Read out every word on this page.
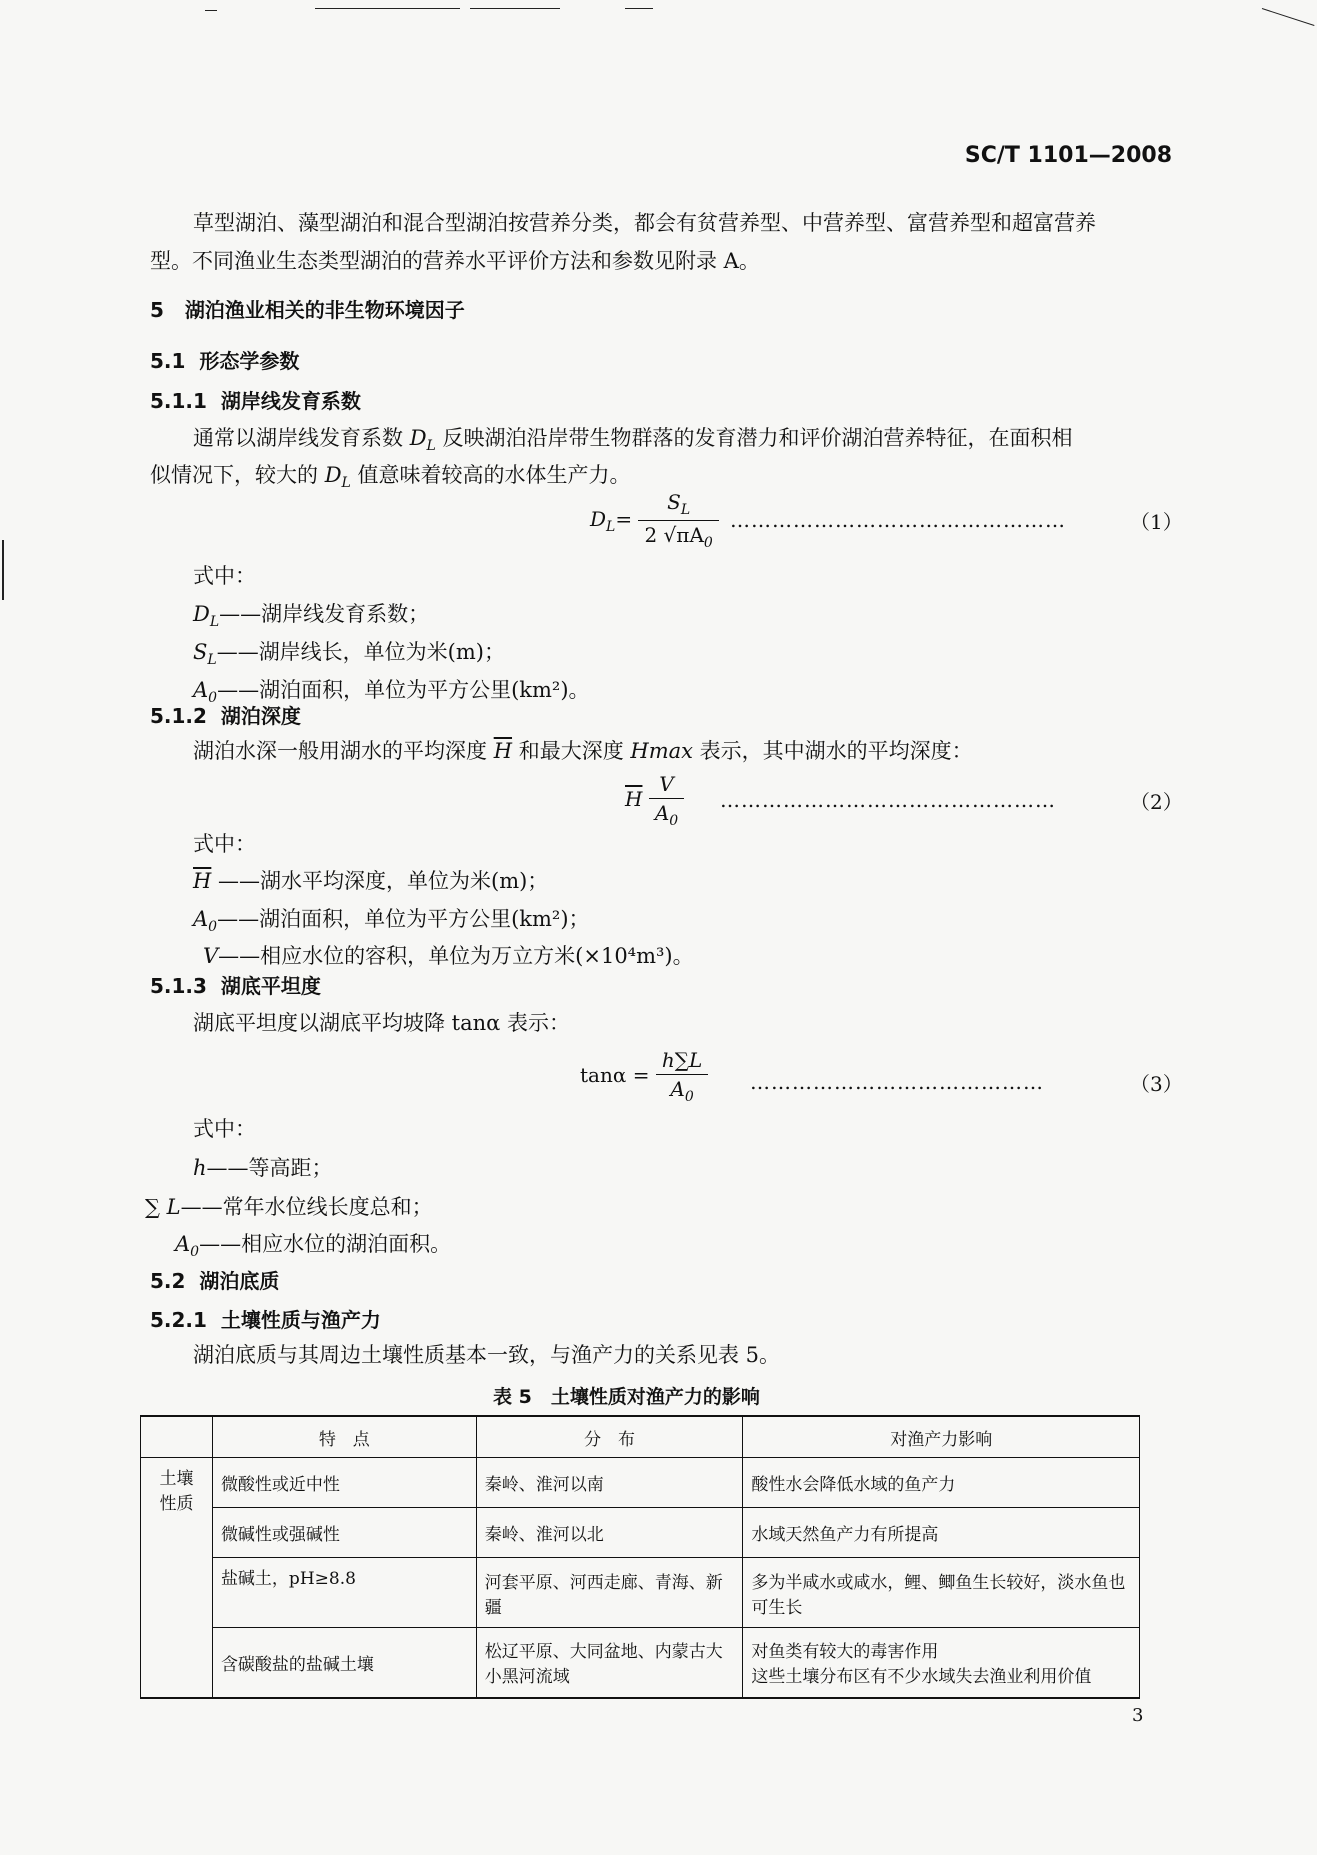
SC/T 1101—2008
草型湖泊、藻型湖泊和混合型湖泊按营养分类，都会有贫营养型、中营养型、富营养型和超富营养
型。不同渔业生态类型湖泊的营养水平评价方法和参数见附录 A。
5 湖泊渔业相关的非生物环境因子
5.1 形态学参数
5.1.1 湖岸线发育系数
通常以湖岸线发育系数 $D_L$ 反映湖泊沿岸带生物群落的发育潜力和评价湖泊营养特征，在面积相
似情况下，较大的 $D_L$ 值意味着较高的水体生产力。
$D_L= \frac{S_L}{2 √\pi A_0}$ …………………………………………	（1）
式中：
$D_L——$湖岸线发育系数；
$S_L——$湖岸线长，单位为米(m)；
$A_0——$湖泊面积，单位为平方公里(km²)。
5.1.2 湖泊深度
湖泊水深一般用湖水的平均深度 $\overline{H}$ 和最大深度 Hmax 表示，其中湖水的平均深度：
$\overline{H} \frac{V}{A_0}$ …………………………………………	（2）
式中：
$\overline{H}$ ——湖水平均深度，单位为米(m)；
$A_0——$湖泊面积，单位为平方公里(km²)；
V——相应水位的容积，单位为万立方米(×10⁴m³)。
5.1.3 湖底平坦度
湖底平坦度以湖底平均坡降 tanα 表示：
$\tan\alpha = \frac{h\sum L}{A_0}$ ……………………………………	（3）
式中：
h——等高距；
∑ L——常年水位线长度总和；
$A_0——$相应水位的湖泊面积。
5.2 湖泊底质
5.2.1 土壤性质与渔产力
湖泊底质与其周边土壤性质基本一致，与渔产力的关系见表 5。
表 5　土壤性质对渔产力的影响
	特　点	分　布	对渔产力影响
土壤
性质	微酸性或近中性	秦岭、淮河以南	酸性水会降低水域的鱼产力
	微碱性或强碱性	秦岭、淮河以北	水域天然鱼产力有所提高
	盐碱土，pH≥8.8	河套平原、河西走廊、青海、新疆	多为半咸水或咸水，鲤、鲫鱼生长较好，淡水鱼也可生长
	含碳酸盐的盐碱土壤	松辽平原、大同盆地、内蒙古大小黑河流域	对鱼类有较大的毒害作用
这些土壤分布区有不少水域失去渔业利用价值
3
